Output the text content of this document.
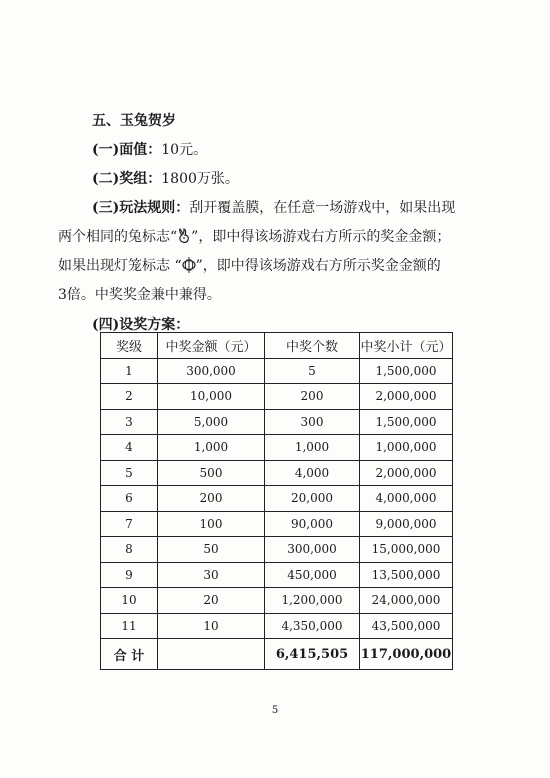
五、玉兔贺岁
(一)面值：10元。
(二)奖组：1800万张。
(三)玩法规则：刮开覆盖膜，在任意一场游戏中，如果出现
两个相同的兔标志“ ”，即中得该场游戏右方所示的奖金金额；
如果出现灯笼标志 “ ”，即中得该场游戏右方所示奖金金额的
3倍。中奖奖金兼中兼得。
(四)设奖方案：
奖级	中奖金额（元）	中奖个数	中奖小计（元）
1	300,000	5	1,500,000
2	10,000	200	2,000,000
3	5,000	300	1,500,000
4	1,000	1,000	1,000,000
5	500	4,000	2,000,000
6	200	20,000	4,000,000
7	100	90,000	9,000,000
8	50	300,000	15,000,000
9	30	450,000	13,500,000
10	20	1,200,000	24,000,000
11	10	4,350,000	43,500,000
合 计		6,415,505	117,000,000
5
